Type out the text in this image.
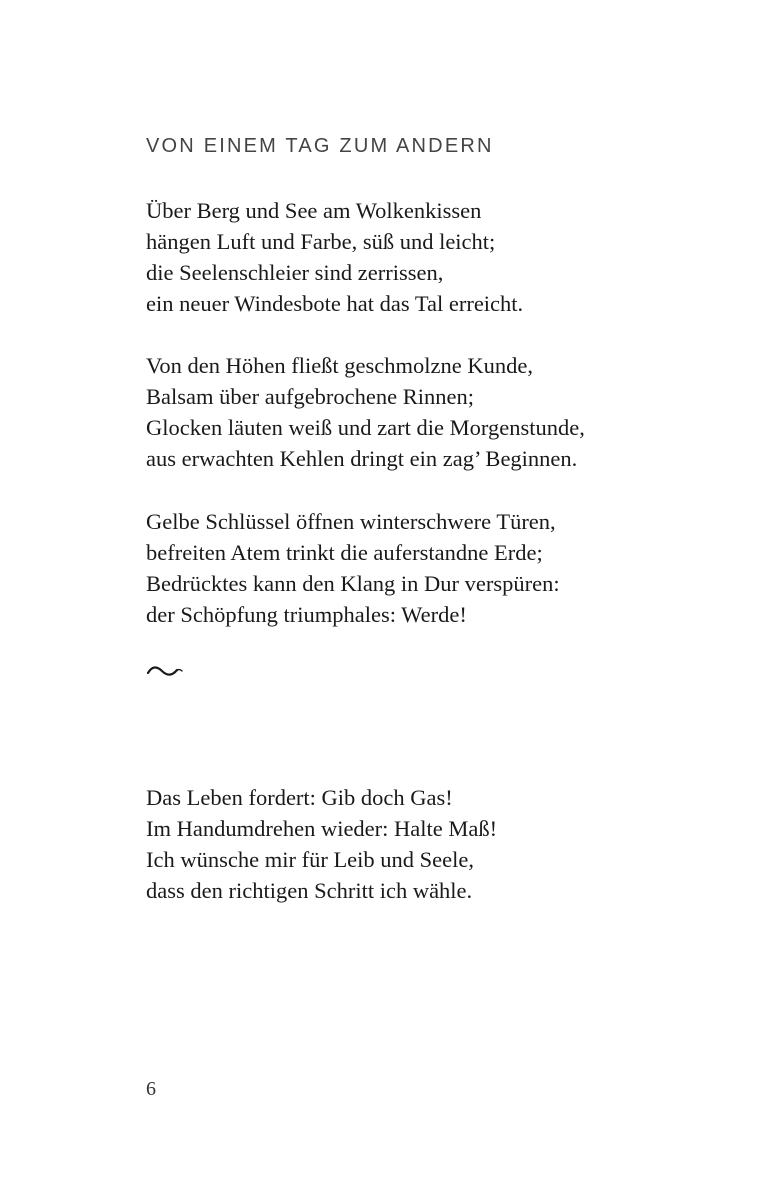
VON EINEM TAG ZUM ANDERN
Über Berg und See am Wolkenkissen
hängen Luft und Farbe, süß und leicht;
die Seelenschleier sind zerrissen,
ein neuer Windesbote hat das Tal erreicht.
Von den Höhen fließt geschmolzne Kunde,
Balsam über aufgebrochene Rinnen;
Glocken läuten weiß und zart die Morgenstunde,
aus erwachten Kehlen dringt ein zag’ Beginnen.
Gelbe Schlüssel öffnen winterschwere Türen,
befreiten Atem trinkt die auferstandne Erde;
Bedrücktes kann den Klang in Dur verspüren:
der Schöpfung triumphales: Werde!
Das Leben fordert: Gib doch Gas!
Im Handumdrehen wieder: Halte Maß!
Ich wünsche mir für Leib und Seele,
dass den richtigen Schritt ich wähle.

6
